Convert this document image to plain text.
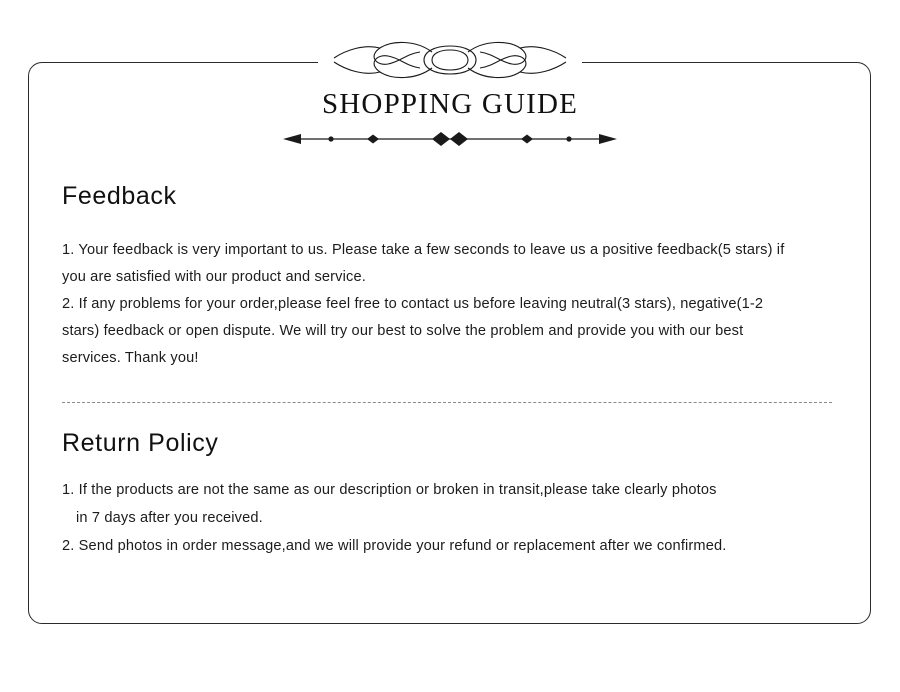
SHOPPING GUIDE
Feedback
1. Your feedback is very important to us. Please take a few seconds to leave us a positive feedback(5 stars) if you are satisfied with our product and service.
2. If any problems for your order,please feel free to contact us before leaving neutral(3 stars), negative(1-2 stars) feedback or open dispute. We will try our best to solve the problem and provide you with our best services. Thank you!
Return Policy
1. If the products are not the same as our description or broken in transit,please take clearly photos
in 7 days after you received.
2. Send photos in order message,and we will provide your refund or replacement after we confirmed.
